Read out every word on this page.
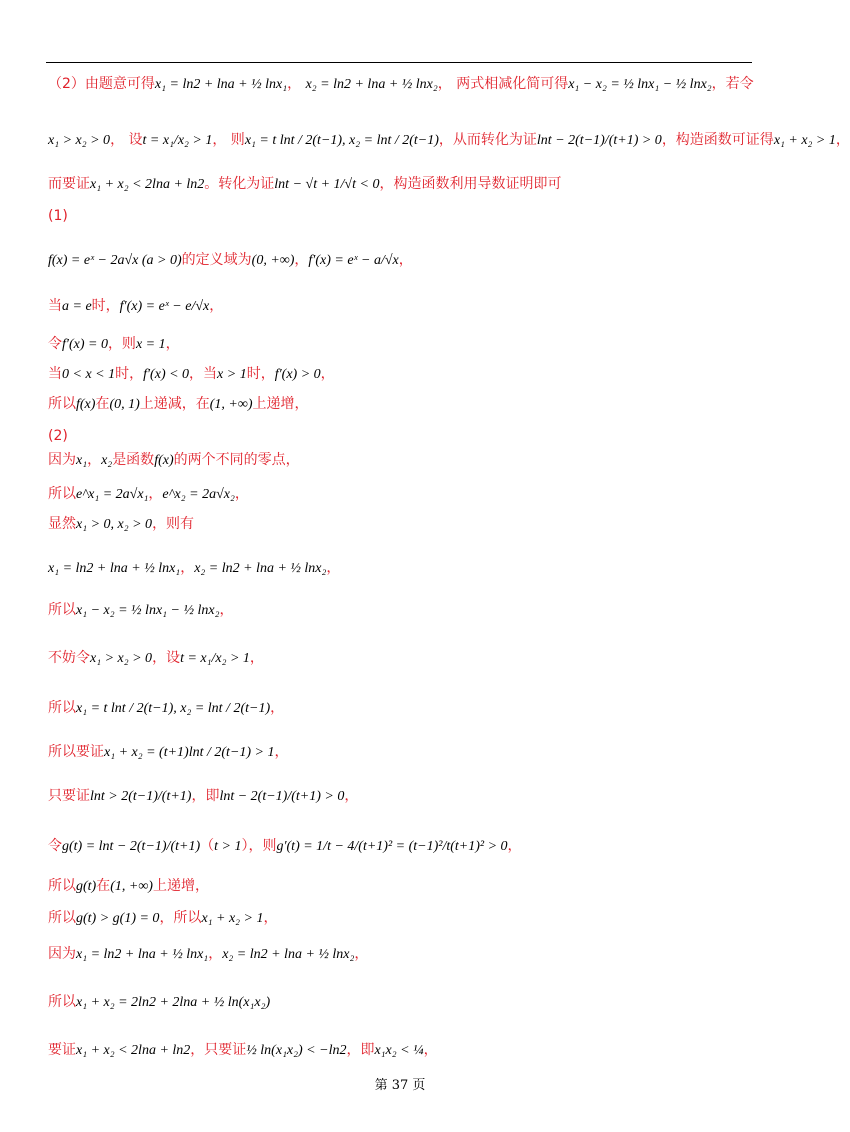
（2）由题意可得x₁ = ln2 + lna + ½ lnx₁， x₂ = ln2 + lna + ½ lnx₂， 两式相减化简可得x₁ − x₂ = ½ lnx₁ − ½ lnx₂，若令
x₁ > x₂ > 0， 设t = x₁/x₂ > 1， 则x₁ = t lnt / 2(t−1), x₂ = lnt / 2(t−1)，从而转化为证lnt − 2(t−1)/(t+1) > 0，构造函数可证得x₁ + x₂ > 1，
而要证x₁ + x₂ < 2lna + ln2。转化为证lnt − √t + 1/√t < 0，构造函数利用导数证明即可
(1)
f(x) = eˣ − 2a√x (a > 0)的定义域为(0, +∞)，f′(x) = eˣ − a/√x，
当a = e时，f′(x) = eˣ − e/√x，
令f′(x) = 0，则x = 1，
当0 < x < 1时，f′(x) < 0，当x > 1时，f′(x) > 0，
所以f(x)在(0, 1)上递减，在(1, +∞)上递增，
(2)
因为x₁，x₂是函数f(x)的两个不同的零点，
所以e^x₁ = 2a√x₁，e^x₂ = 2a√x₂，
显然x₁ > 0, x₂ > 0，则有
x₁ = ln2 + lna + ½ lnx₁，x₂ = ln2 + lna + ½ lnx₂，
所以x₁ − x₂ = ½ lnx₁ − ½ lnx₂，
不妨令x₁ > x₂ > 0，设t = x₁/x₂ > 1，
所以x₁ = t lnt / 2(t−1), x₂ = lnt / 2(t−1)，
所以要证x₁ + x₂ = (t+1)lnt / 2(t−1) > 1，
只要证lnt > 2(t−1)/(t+1)，即lnt − 2(t−1)/(t+1) > 0，
令g(t) = lnt − 2(t−1)/(t+1)（t > 1），则g′(t) = 1/t − 4/(t+1)² = (t−1)²/t(t+1)² > 0，
所以g(t)在(1, +∞)上递增，
所以g(t) > g(1) = 0，所以x₁ + x₂ > 1，
因为x₁ = ln2 + lna + ½ lnx₁，x₂ = ln2 + lna + ½ lnx₂，
所以x₁ + x₂ = 2ln2 + 2lna + ½ ln(x₁x₂)
要证x₁ + x₂ < 2lna + ln2，只要证½ ln(x₁x₂) < −ln2，即x₁x₂ < ¼，
第 37 页
